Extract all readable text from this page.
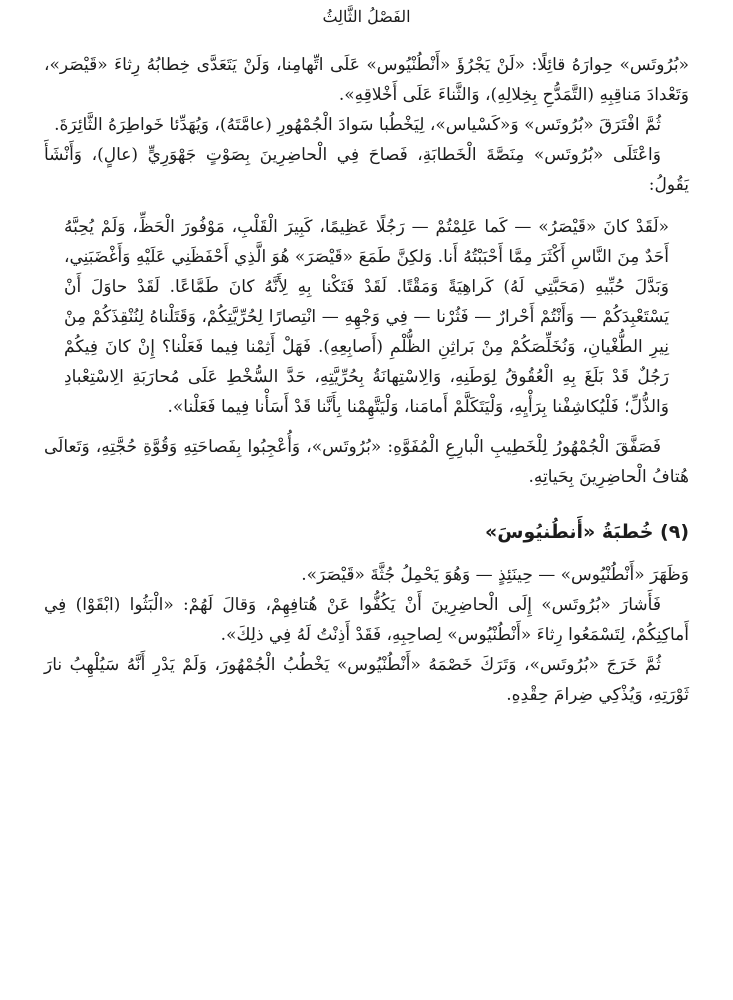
الفَصْلُ الثَّالِثُ

«بُرُوتَس» حِوارَهُ قائِلًا: «لَنْ يَجْرُؤَ «أَنْطُنْيُوس» عَلَى اتِّهامِنا، وَلَنْ يَتَعَدَّى خِطابُهُ رِثاءَ «قَيْصَر»، وَتَعْدادَ مَناقِبِهِ (التَّمَدُّحِ بِخِلالِهِ)، وَالثَّناءَ عَلَى أَخْلاقِهِ».

ثُمَّ افْتَرَقَ «بُرُوتَس» وَ«كَسْياس»، لِيَخْطُبا سَوادَ الْجُمْهُورِ (عامَّتَهُ)، وَيُهَدِّئا خَواطِرَهُ الثَّائِرَةَ.

وَاعْتَلَى «بُرُوتَس» مِنَصَّةَ الْخَطابَةِ، فَصاحَ فِي الْحاضِرِينَ بِصَوْتٍ جَهْوَرِيٍّ (عالٍ)، وَأَنْشَأَ يَقُولُ:

«لَقَدْ كانَ «قَيْصَرُ» — كَما عَلِمْتُمْ — رَجُلًا عَظِيمًا، كَبِيرَ الْقَلْبِ، مَوْفُورَ الْحَظِّ، وَلَمْ يُحِبَّهُ أَحَدٌ مِنَ النَّاسِ أَكْثَرَ مِمَّا أَحْبَبْتُهُ أَنا. وَلكِنَّ طَمَعَ «قَيْصَرَ» هُوَ الَّذِي أَحْفَظَنِي عَلَيْهِ وَأَغْضَبَنِي، وَبَدَّلَ حُبِّيهِ (مَحَبَّتِي لَهُ) كَراهِيَةً وَمَقْتًا. لَقَدْ فَتَكْنا بِهِ لِأَنَّهُ كانَ طَمَّاعًا. لَقَدْ حاوَلَ أَنْ يَسْتَعْبِدَكُمْ — وَأَنْتُمْ أَحْرارٌ — فَثُرْنا — فِي وَجْهِهِ — انْتِصارًا لِحُرِّيَّتِكُمْ، وَقَتَلْناهُ لِنُنْقِذَكُمْ مِنْ نِيرِ الطُّغْيانِ، وَنُخَلِّصَكُمْ مِنْ بَراثِنِ الظُّلْمِ (أَصابِعِهِ). فَهَلْ أَثِمْنا فِيما فَعَلْنا؟ إِنْ كانَ فِيكُمْ رَجُلٌ قَدْ بَلَغَ بِهِ الْعُقُوقُ لِوَطَنِهِ، وَالِاسْتِهانَةُ بِحُرِّيَّتِهِ، حَدَّ السُّخْطِ عَلَى مُحارَبَةِ الِاسْتِعْبادِ وَالذُّلِّ؛ فَلْيُكاشِفْنا بِرَأْيِهِ، وَلْيَتَكَلَّمْ أَمامَنا، وَلْيَتَّهِمْنا بِأَنَّنا قَدْ أَسَأْنا فِيما فَعَلْنا».

فَصَفَّقَ الْجُمْهُورُ لِلْخَطِيبِ الْبارِعِ الْمُفَوَّهِ: «بُرُوتَس»، وَأُعْجِبُوا بِفَصاحَتِهِ وَقُوَّةِ حُجَّتِهِ، وَتَعالَى هُتافُ الْحاضِرِينَ بِحَياتِهِ.

(٩) خُطبَةُ «أَنطُنيُوسَ»

وَظَهَرَ «أَنْطُنْيُوس» — حِينَئِذٍ — وَهُوَ يَحْمِلُ جُثَّةَ «قَيْصَرَ».

فَأَشارَ «بُرُوتَس» إِلَى الْحاضِرِينَ أَنْ يَكُفُّوا عَنْ هُتافِهِمْ، وَقالَ لَهُمْ: «الْبَثُوا (ابْقَوْا) فِي أَماكِنِكُمْ، لِتَسْمَعُوا رِثاءَ «أَنْطُنْيُوس» لِصاحِبِهِ، فَقَدْ أَذِنْتُ لَهُ فِي ذلِكَ».

ثُمَّ خَرَجَ «بُرُوتَس»، وَتَرَكَ خَصْمَهُ «أَنْطُنْيُوس» يَخْطُبُ الْجُمْهُورَ، وَلَمْ يَدْرِ أَنَّهُ سَيُلْهِبُ نارَ ثَوْرَتِهِ، وَيُذْكِي ضِرامَ حِقْدِهِ.
